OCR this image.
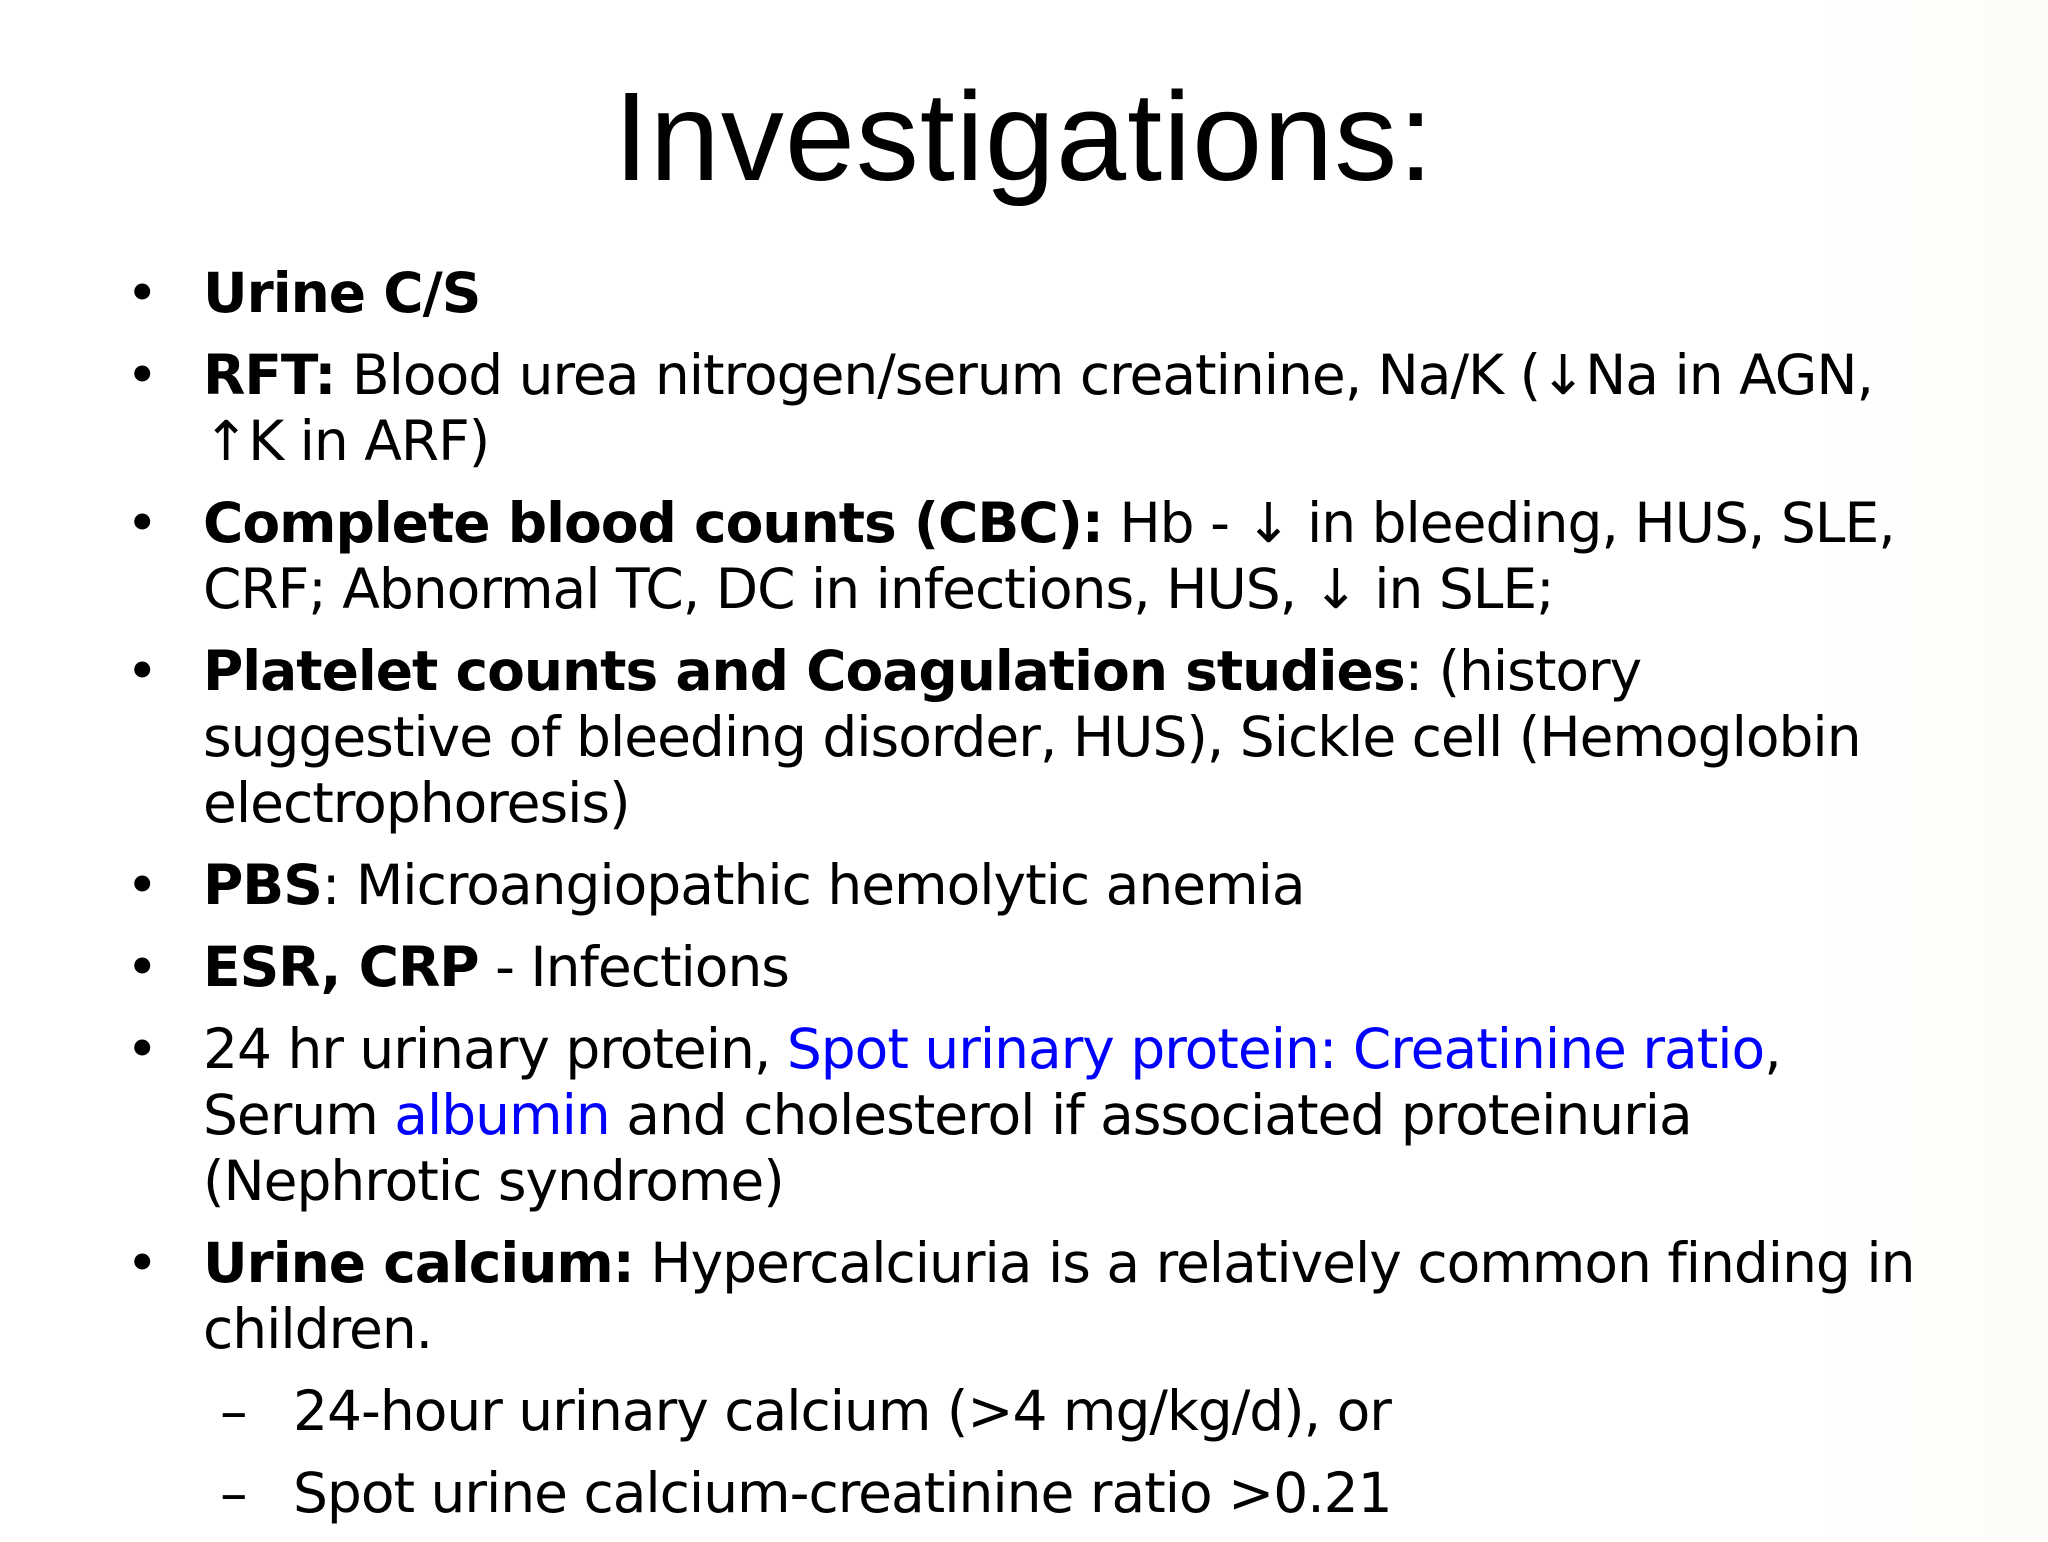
Investigations:
• Urine C/S
• RFT: Blood urea nitrogen/serum creatinine, Na/K (↓Na in AGN, ↑K in ARF)
• Complete blood counts (CBC): Hb - ↓ in bleeding, HUS, SLE, CRF; Abnormal TC, DC in infections, HUS, ↓ in SLE;
• Platelet counts and Coagulation studies: (history suggestive of bleeding disorder, HUS), Sickle cell (Hemoglobin electrophoresis)
• PBS: Microangiopathic hemolytic anemia
• ESR, CRP - Infections
• 24 hr urinary protein, Spot urinary protein: Creatinine ratio, Serum albumin and cholesterol if associated proteinuria (Nephrotic syndrome)
• Urine calcium: Hypercalciuria is a relatively common finding in children.
– 24-hour urinary calcium (>4 mg/kg/d), or
– Spot urine calcium-creatinine ratio >0.21
